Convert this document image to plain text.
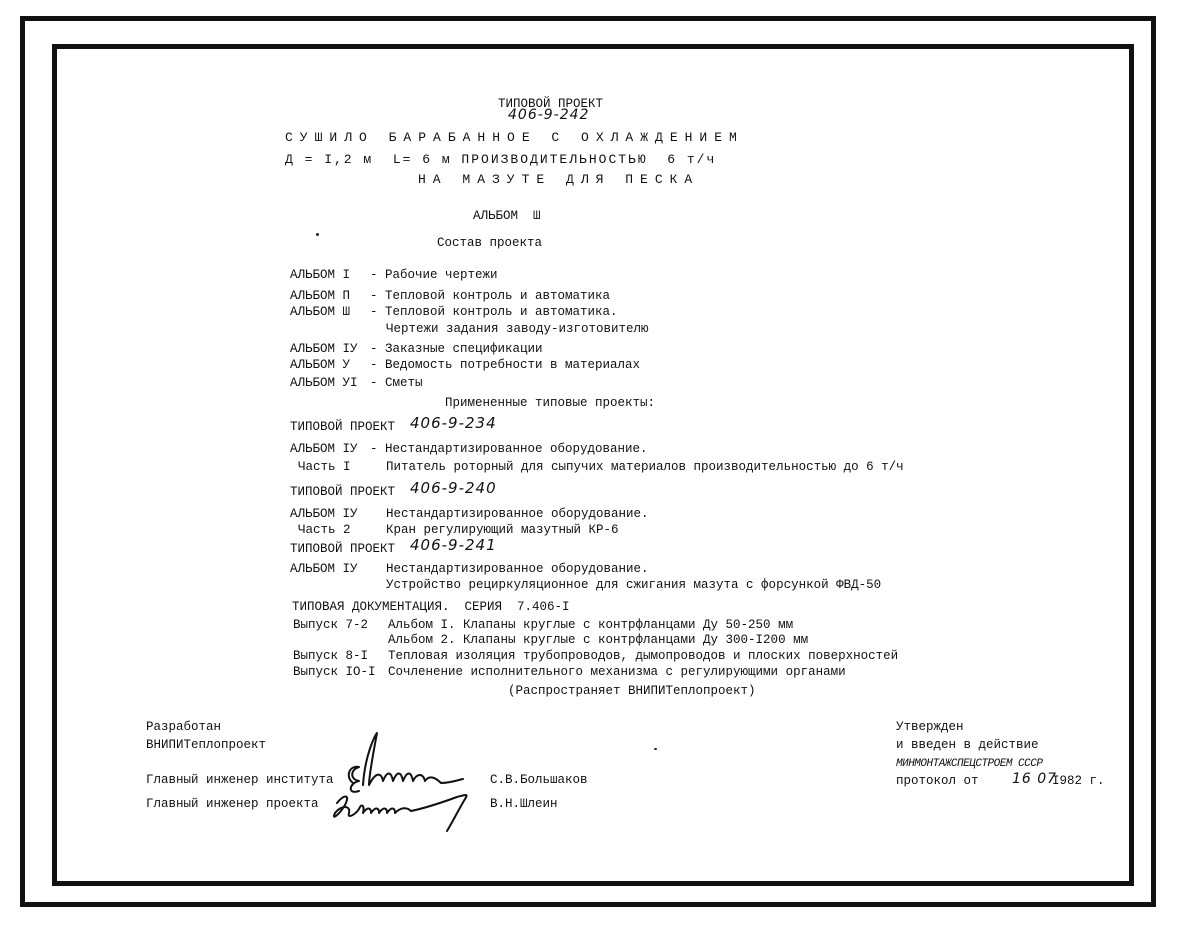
ТИПОВОЙ ПРОЕКТ
406-9-242
СУШИЛО БАРАБАННОЕ С ОХЛАЖДЕНИЕМ
Д = I,2 м  L= 6 м ПРОИЗВОДИТЕЛЬНОСТЬЮ  6 т/ч
НА МАЗУТЕ ДЛЯ ПЕСКА
АЛЬБОМ  Ш
Состав проекта
АЛЬБОМ I - Рабочие чертежи
АЛЬБОМ П - Тепловой контроль и автоматика
АЛЬБОМ Ш - Тепловой контроль и автоматика.
Чертежи задания заводу-изготовителю
АЛЬБОМ IУ - Заказные спецификации
АЛЬБОМ У - Ведомость потребности в материалах
АЛЬБОМ УI - Сметы
Примененные типовые проекты:
ТИПОВОЙ ПРОЕКТ 406-9-234
АЛЬБОМ IУ - Нестандартизированное оборудование.
Часть I	Питатель роторный для сыпучих материалов производительностью до 6 т/ч
ТИПОВОЙ ПРОЕКТ 406-9-240
АЛЬБОМ IУ Нестандартизированное оборудование.
Часть 2	Кран регулирующий мазутный КР-6
ТИПОВОЙ ПРОЕКТ 406-9-241
АЛЬБОМ IУ Нестандартизированное оборудование.
Устройство рециркуляционное для сжигания мазута с форсункой ФВД-50
ТИПОВАЯ ДОКУМЕНТАЦИЯ.  СЕРИЯ  7.406-I
Выпуск 7-2 Альбом I. Клапаны круглые с контрфланцами Ду 50-250 мм
Альбом 2. Клапаны круглые с контрфланцами Ду 300-I200 мм
Выпуск 8-I Тепловая изоляция трубопроводов, дымопроводов и плоских поверхностей
Выпуск IO-I Сочленение исполнительного механизма с регулирующими органами
(Распространяет ВНИПИТеплопроект)
Разработан
ВНИПИТеплопроект
Главный инженер института	С.В.Большаков
Главный инженер проекта	В.Н.Шлеин
Утвержден
и введен в действие
МИНМОНТАЖСПЕЦСТРОЕМ СССР
протокол от 16 07
I982 г.
